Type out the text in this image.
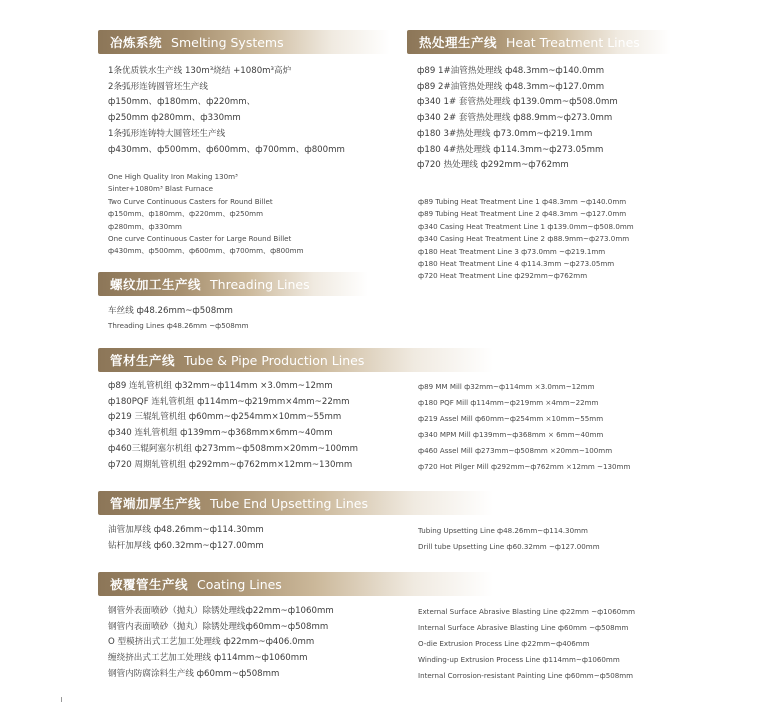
冶炼系统 Smelting Systems
1条优质铁水生产线 130m³烧结 +1080m³高炉
2条弧形连铸圆管坯生产线
ф150mm、ф180mm、ф220mm、
ф250mm ф280mm、ф330mm
1条弧形连铸特大圆管坯生产线
ф430mm、ф500mm、ф600mm、ф700mm、ф800mm
One High Quality Iron Making 130m³
Sinter+1080m³ Blast Furnace
Two Curve Continuous Casters for Round Billet
ф150mm、ф180mm、ф220mm、ф250mm
ф280mm、ф330mm
One curve Continuous Caster for Large Round Billet
ф430mm、ф500mm、ф600mm、ф700mm、ф800mm
热处理生产线 Heat Treatment Lines
ф89 1#油管热处理线 ф48.3mm~ф140.0mm
ф89 2#油管热处理线 ф48.3mm~ф127.0mm
ф340 1# 套管热处理线 ф139.0mm~ф508.0mm
ф340 2# 套管热处理线 ф88.9mm~ф273.0mm
ф180 3#热处理线 ф73.0mm~ф219.1mm
ф180 4#热处理线 ф114.3mm~ф273.05mm
ф720 热处理线 ф292mm~ф762mm
ф89 Tubing Heat Treatment Line 1 ф48.3mm ~ф140.0mm
ф89 Tubing Heat Treatment Line 2 ф48.3mm ~ф127.0mm
ф340 Casing Heat Treatment Line 1 ф139.0mm~ф508.0mm
ф340 Casing Heat Treatment Line 2 ф88.9mm~ф273.0mm
ф180 Heat Treatment Line 3 ф73.0mm ~ф219.1mm
ф180 Heat Treatment Line 4 ф114.3mm ~ф273.05mm
ф720 Heat Treatment Line ф292mm~ф762mm
螺纹加工生产线 Threading Lines
车丝线 ф48.26mm~ф508mm
Threading Lines ф48.26mm ~ф508mm
管材生产线 Tube & Pipe Production Lines
ф89 连轧管机组 ф32mm~ф114mm ×3.0mm~12mm
ф180PQF 连轧管机组 ф114mm~ф219mm×4mm~22mm
ф219 三辊轧管机组 ф60mm~ф254mm×10mm~55mm
ф340 连轧管机组 ф139mm~ф368mm×6mm~40mm
ф460三辊阿塞尔机组 ф273mm~ф508mm×20mm~100mm
ф720 周期轧管机组 ф292mm~ф762mm×12mm~130mm
ф89 MM Mill ф32mm~ф114mm ×3.0mm~12mm
ф180 PQF Mill ф114mm~ф219mm ×4mm~22mm
ф219 Assel Mill ф60mm~ф254mm ×10mm~55mm
ф340 MPM Mill ф139mm~ф368mm × 6mm~40mm
ф460 Assel Mill ф273mm~ф508mm ×20mm~100mm
ф720 Hot Pilger Mill ф292mm~ф762mm ×12mm ~130mm
管端加厚生产线 Tube End Upsetting Lines
油管加厚线 ф48.26mm~ф114.30mm
钻杆加厚线 ф60.32mm~ф127.00mm
Tubing Upsetting Line ф48.26mm~ф114.30mm
Drill tube Upsetting Line ф60.32mm ~ф127.00mm
被覆管生产线 Coating Lines
钢管外表面喷砂（抛丸）除锈处理线ф22mm~ф1060mm
钢管内表面喷砂（抛丸）除锈处理线ф60mm~ф508mm
O 型模挤出式工艺加工处理线 ф22mm~ф406.0mm
缠绕挤出式工艺加工处理线 ф114mm~ф1060mm
钢管内防腐涂料生产线 ф60mm~ф508mm
External Surface Abrasive Blasting Line ф22mm ~ф1060mm
Internal Surface Abrasive Blasting Line ф60mm ~ф508mm
O-die Extrusion Process Line ф22mm~ф406mm
Winding-up Extrusion Process Line ф114mm~ф1060mm
Internal Corrosion-resistant Painting Line ф60mm~ф508mm
